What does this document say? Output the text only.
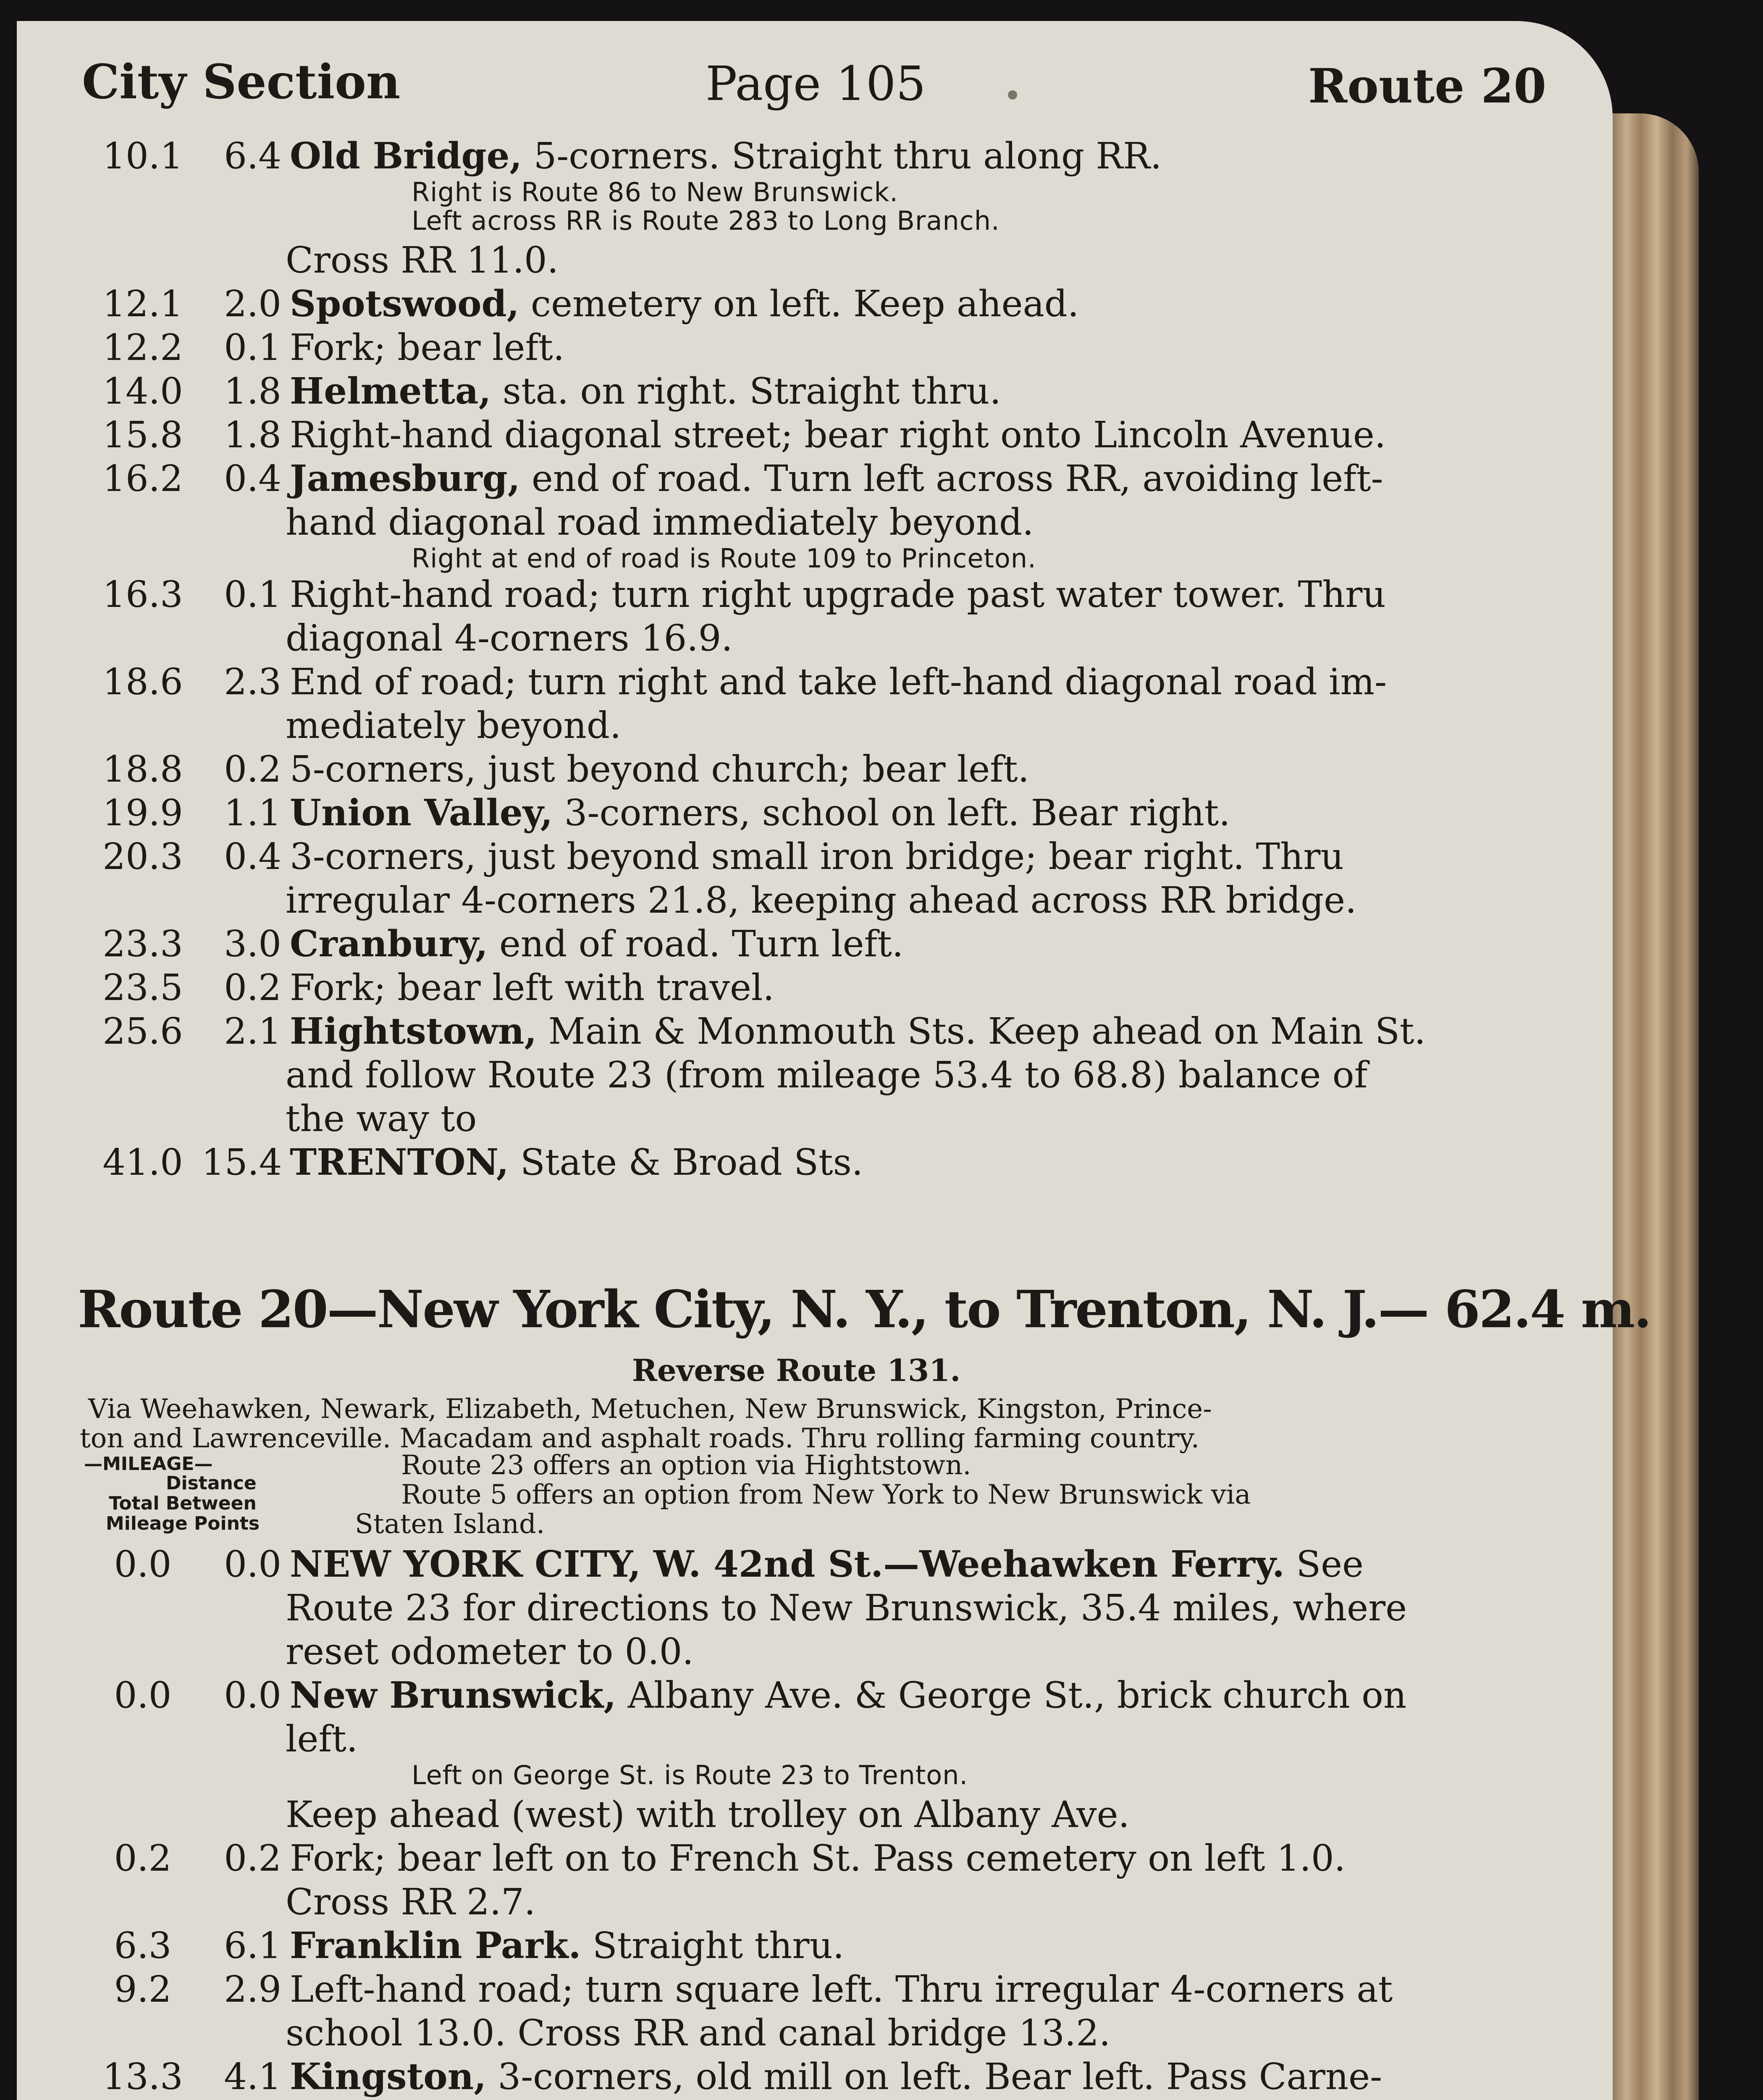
City Section	Page 105	Route 20
10.1	6.4 Old Bridge, 5-corners. Straight thru along RR.
Right is Route 86 to New Brunswick.
Left across RR is Route 283 to Long Branch.
Cross RR 11.0.
12.1	2.0 Spotswood, cemetery on left. Keep ahead.
12.2	0.1 Fork; bear left.
14.0	1.8 Helmetta, sta. on right. Straight thru.
15.8	1.8 Right-hand diagonal street; bear right onto Lincoln Avenue.
16.2	0.4 Jamesburg, end of road. Turn left across RR, avoiding left-
hand diagonal road immediately beyond.
Right at end of road is Route 109 to Princeton.
16.3	0.1 Right-hand road; turn right upgrade past water tower. Thru
diagonal 4-corners 16.9.
18.6	2.3 End of road; turn right and take left-hand diagonal road im-
mediately beyond.
18.8	0.2 5-corners, just beyond church; bear left.
19.9	1.1 Union Valley, 3-corners, school on left. Bear right.
20.3	0.4 3-corners, just beyond small iron bridge; bear right. Thru
irregular 4-corners 21.8, keeping ahead across RR bridge.
23.3	3.0 Cranbury, end of road. Turn left.
23.5	0.2 Fork; bear left with travel.
25.6	2.1 Hightstown, Main & Monmouth Sts. Keep ahead on Main St.
and follow Route 23 (from mileage 53.4 to 68.8) balance of
the way to
41.0 15.4 TRENTON, State & Broad Sts.
Route 20—New York City, N. Y., to Trenton, N. J.— 62.4 m.
Reverse Route 131.
Via Weehawken, Newark, Elizabeth, Metuchen, New Brunswick, Kingston, Prince-
ton and Lawrenceville. Macadam and asphalt roads. Thru rolling farming country.
—MILEAGE—
Distance
Total Between
Mileage Points
Route 23 offers an option via Hightstown.
Route 5 offers an option from New York to New Brunswick via
Staten Island.
0.0	0.0 NEW YORK CITY, W. 42nd St.—Weehawken Ferry. See
Route 23 for directions to New Brunswick, 35.4 miles, where
reset odometer to 0.0.
0.0	0.0 New Brunswick, Albany Ave. & George St., brick church on
left.
Left on George St. is Route 23 to Trenton.
Keep ahead (west) with trolley on Albany Ave.
0.2	0.2 Fork; bear left on to French St. Pass cemetery on left 1.0.
Cross RR 2.7.
6.3	6.1 Franklin Park. Straight thru.
9.2	2.9 Left-hand road; turn square left. Thru irregular 4-corners at
school 13.0. Cross RR and canal bridge 13.2.
13.3	4.1 Kingston, 3-corners, old mill on left. Bear left. Pass Carne-
